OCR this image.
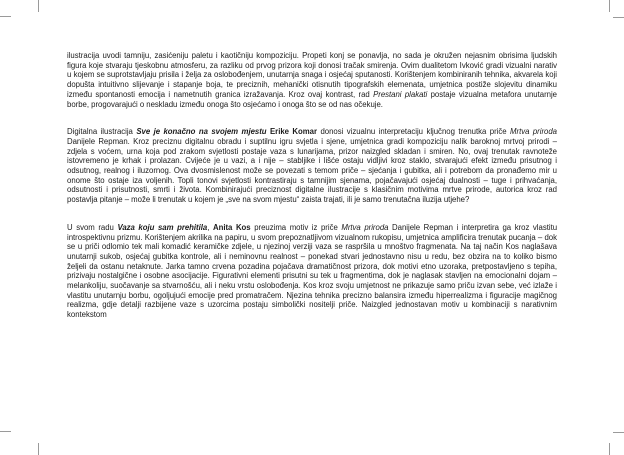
ilustracija uvodi tamniju, zasićeniju paletu i kaotičniju kompoziciju. Propeti konj se ponavlja, no sada je okružen nejasnim obrisima ljudskih figura koje stvaraju tjeskobnu atmosferu, za razliku od prvog prizora koji donosi tračak smirenja. Ovim dualitetom Ivković gradi vizualni narativ u kojem se suprotstavljaju prisila i želja za oslobođenjem, unutarnja snaga i osjećaj sputanosti. Korištenjem kombiniranih tehnika, akvarela koji dopušta intuitivno slijevanje i stapanje boja, te preciznih, mehanički otisnutih tipografskih elemenata, umjetnica postiže slojevitu dinamiku između spontanosti emocija i nametnutih granica izražavanja. Kroz ovaj kontrast, rad Prestani plakati postaje vizualna metafora unutarnje borbe, progovarajući o neskladu između onoga što osjećamo i onoga što se od nas očekuje.

Digitalna ilustracija Sve je konačno na svojem mjestu Erike Komar donosi vizualnu interpretaciju ključnog trenutka priče Mrtva priroda Danijele Repman. Kroz preciznu digitalnu obradu i suptilnu igru svjetla i sjene, umjetnica gradi kompoziciju nalik baroknoj mrtvoj prirodi – zdjela s voćem, urna koja pod zrakom svjetlosti postaje vaza s lunarijama, prizor naizgled skladan i smiren. No, ovaj trenutak ravnoteže istovremeno je krhak i prolazan. Cvijeće je u vazi, a i nije – stabljike i lišće ostaju vidljivi kroz staklo, stvarajući efekt između prisutnog i odsutnog, realnog i iluzornog. Ova dvosmislenost može se povezati s temom priče – sjećanja i gubitka, ali i potrebom da pronađemo mir u onome što ostaje iza voljenih. Topli tonovi svjetlosti kontrastiraju s tamnijim sjenama, pojačavajući osjećaj dualnosti – tuge i prihvaćanja, odsutnosti i prisutnosti, smrti i života. Kombinirajući preciznost digitalne ilustracije s klasičnim motivima mrtve prirode, autorica kroz rad postavlja pitanje – može li trenutak u kojem je „sve na svom mjestu“ zaista trajati, ili je samo trenutačna iluzija utjehe?

U svom radu Vaza koju sam prehitila, Anita Kos preuzima motiv iz priče Mrtva priroda Danijele Repman i interpretira ga kroz vlastitu introspektivnu prizmu. Korištenjem akrilika na papiru, u svom prepoznatljivom vizualnom rukopisu, umjetnica amplificira trenutak pucanja – dok se u priči odlomio tek mali komadić keramičke zdjele, u njezinoj verziji vaza se raspršila u mnoštvo fragmenata. Na taj način Kos naglašava unutarnji sukob, osjećaj gubitka kontrole, ali i neminovnu realnost – ponekad stvari jednostavno nisu u redu, bez obzira na to koliko bismo željeli da ostanu netaknute. Jarka tamno crvena pozadina pojačava dramatičnost prizora, dok motivi etno uzoraka, pretpostavljeno s tepiha, prizivaju nostalgične i osobne asocijacije. Figurativni elementi prisutni su tek u fragmentima, dok je naglasak stavljen na emocionalni dojam – melankoliju, suočavanje sa stvarnošću, ali i neku vrstu oslobođenja. Kos kroz svoju umjetnost ne prikazuje samo priču izvan sebe, već izlaže i vlastitu unutarnju borbu, ogoljujući emocije pred promatračem. Njezina tehnika precizno balansira između hiperrealizma i figuracije magičnog realizma, gdje detalji razbijene vaze s uzorcima postaju simbolički nositelji priče. Naizgled jednostavan motiv u kombinaciji s narativnim kontekstom
